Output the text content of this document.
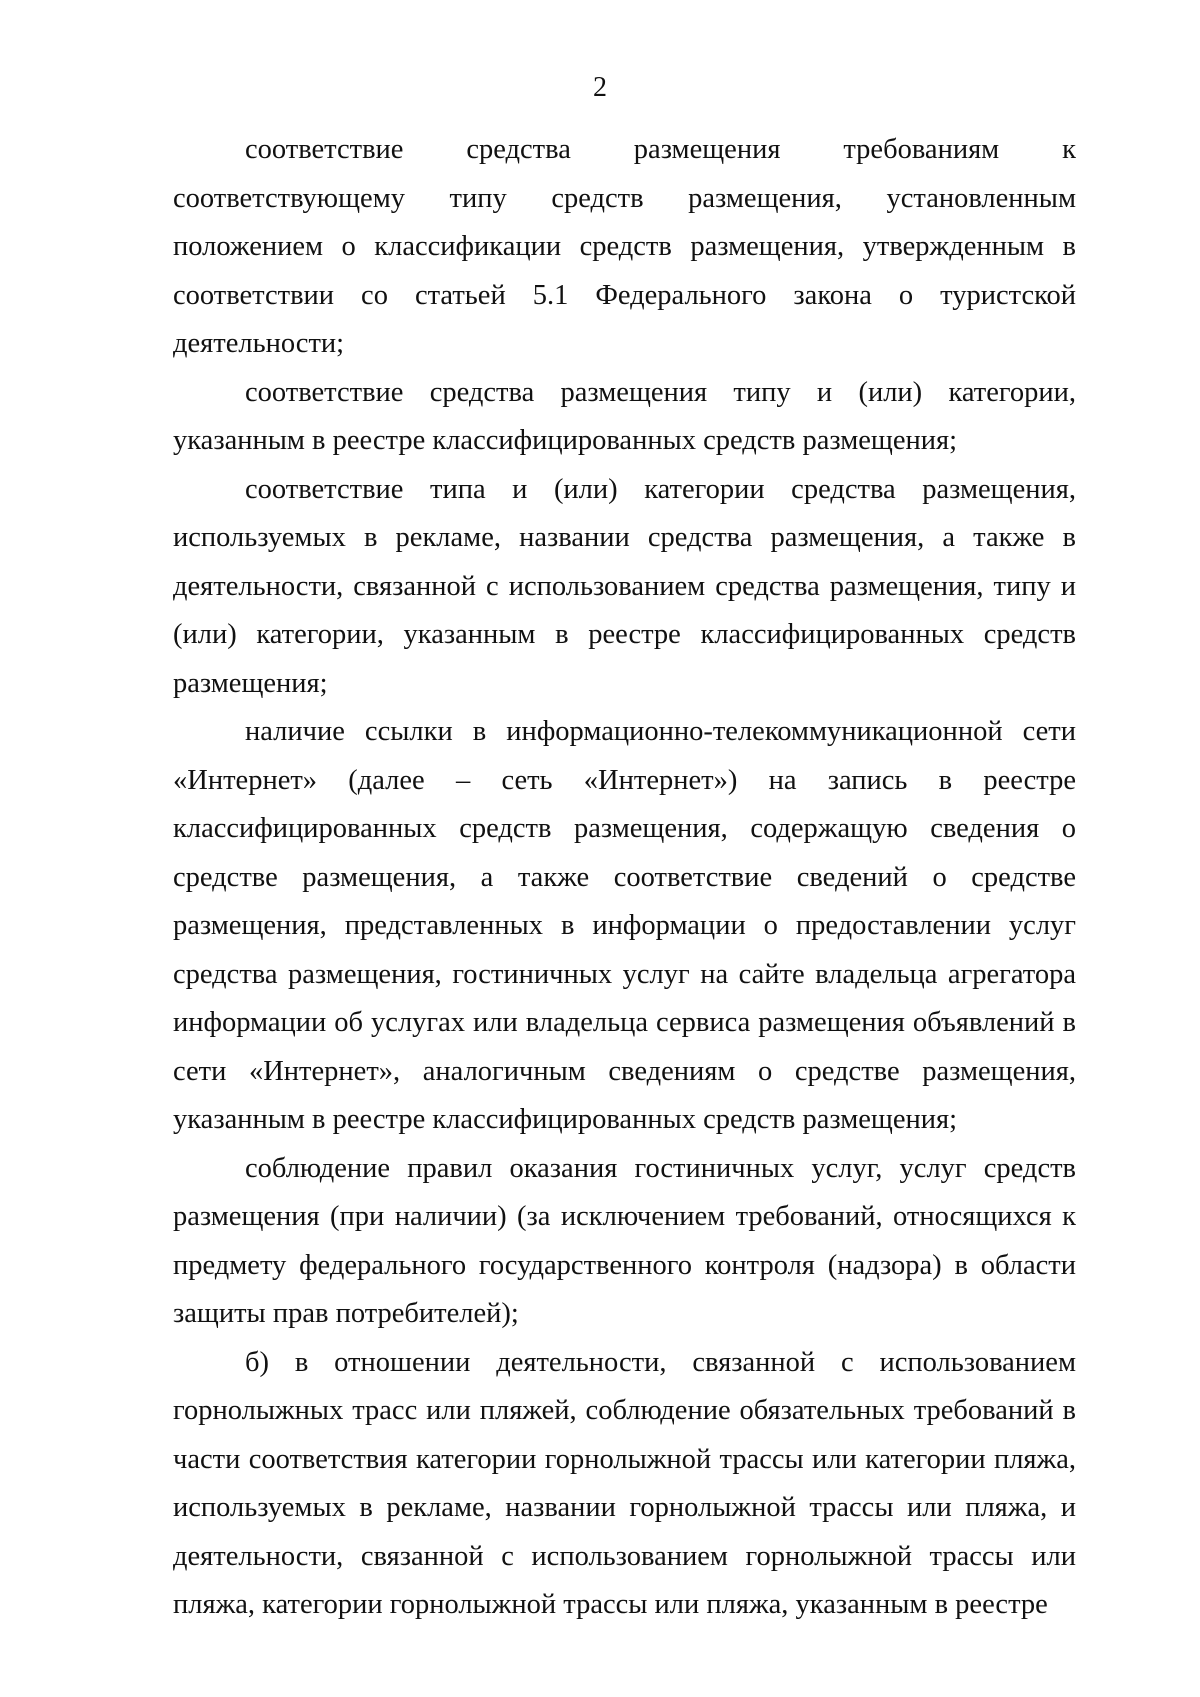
2

соответствие средства размещения требованиям к соответствующему типу средств размещения, установленным положением о классификации средств размещения, утвержденным в соответствии со статьей 5.1 Федерального закона о туристской деятельности;

соответствие средства размещения типу и (или) категории, указанным в реестре классифицированных средств размещения;

соответствие типа и (или) категории средства размещения, используемых в рекламе, названии средства размещения, а также в деятельности, связанной с использованием средства размещения, типу и (или) категории, указанным в реестре классифицированных средств размещения;

наличие ссылки в информационно-телекоммуникационной сети «Интернет» (далее – сеть «Интернет») на запись в реестре классифицированных средств размещения, содержащую сведения о средстве размещения, а также соответствие сведений о средстве размещения, представленных в информации о предоставлении услуг средства размещения, гостиничных услуг на сайте владельца агрегатора информации об услугах или владельца сервиса размещения объявлений в сети «Интернет», аналогичным сведениям о средстве размещения, указанным в реестре классифицированных средств размещения;

соблюдение правил оказания гостиничных услуг, услуг средств размещения (при наличии) (за исключением требований, относящихся к предмету федерального государственного контроля (надзора) в области защиты прав потребителей);

б) в отношении деятельности, связанной с использованием горнолыжных трасс или пляжей, соблюдение обязательных требований в части соответствия категории горнолыжной трассы или категории пляжа, используемых в рекламе, названии горнолыжной трассы или пляжа, и деятельности, связанной с использованием горнолыжной трассы или пляжа, категории горнолыжной трассы или пляжа, указанным в реестре
